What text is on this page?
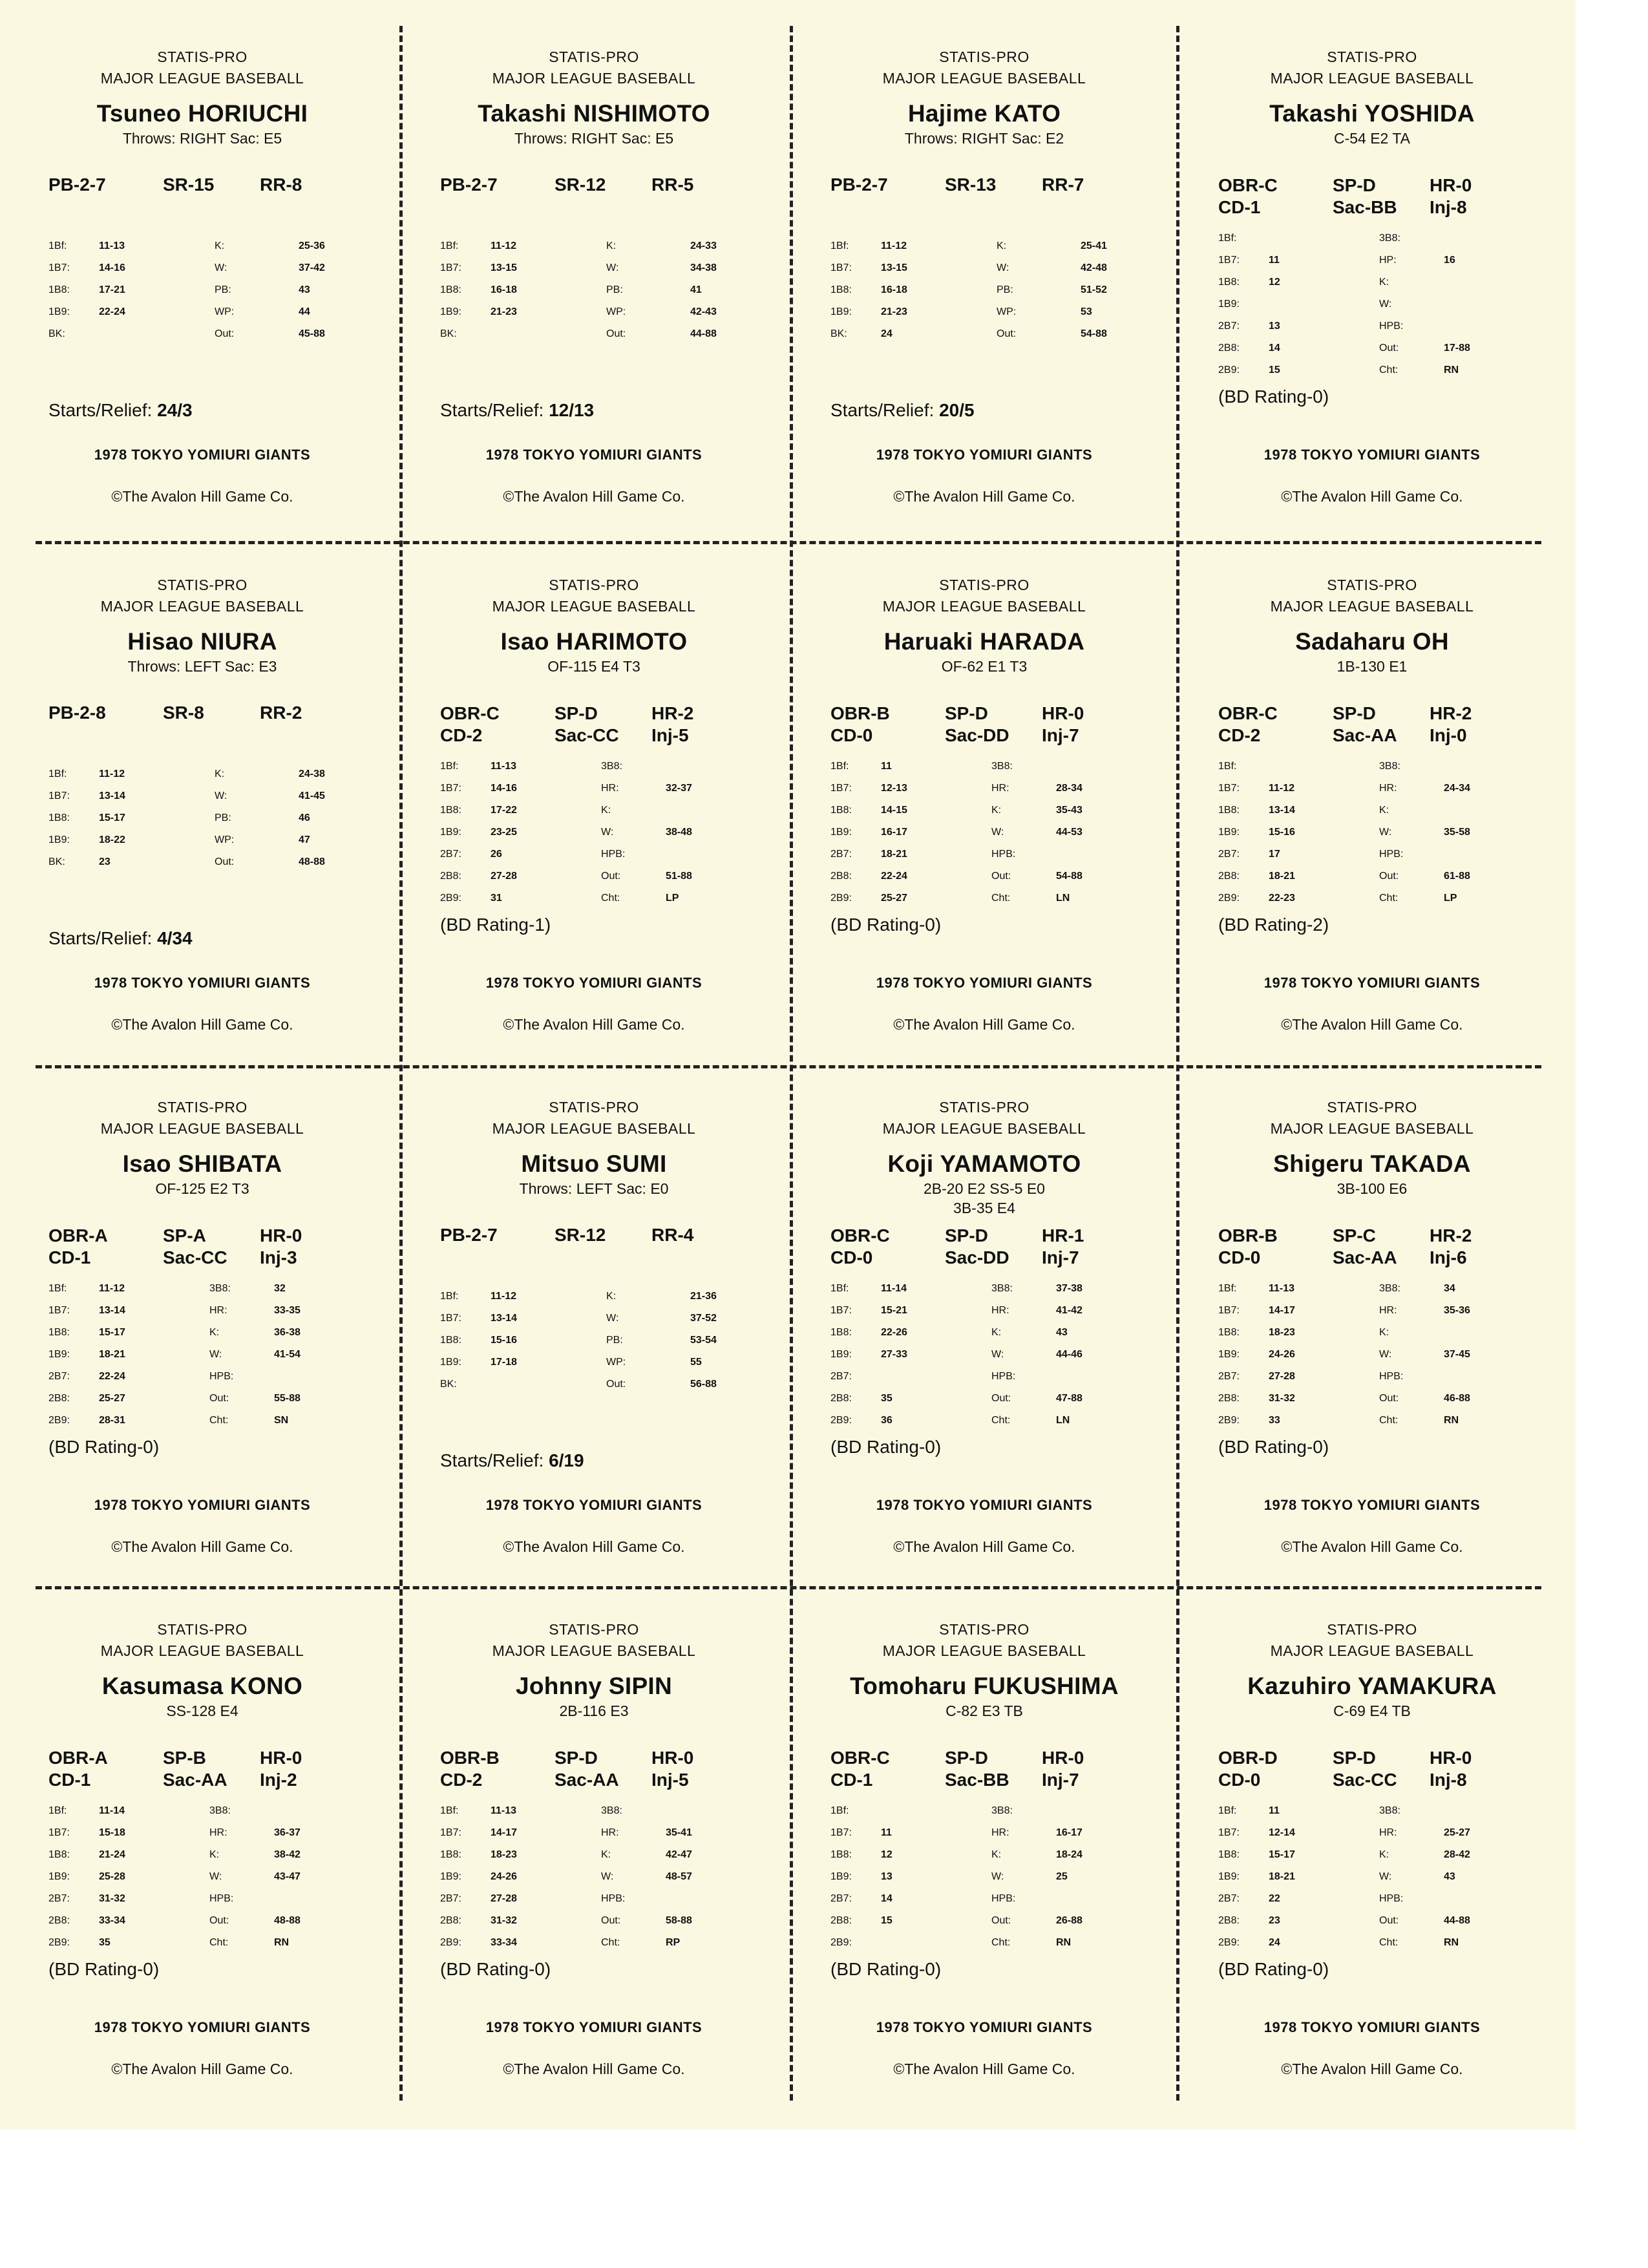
STATIS-PRO
MAJOR LEAGUE BASEBALL
Tsuneo HORIUCHI
Throws: RIGHT Sac: E5
PB-2-7	SR-15	RR-8
1Bf:	11-13
1B7:	14-16
1B8:	17-21
1B9:	22-24
BK:
K:	25-36
W:	37-42
PB:	43
WP:	44
Out:	45-88
Starts/Relief: 24/3
1978 TOKYO YOMIURI GIANTS
©The Avalon Hill Game Co.
STATIS-PRO
MAJOR LEAGUE BASEBALL
Takashi NISHIMOTO
Throws: RIGHT Sac: E5
PB-2-7	SR-12	RR-5
1Bf:	11-12
1B7:	13-15
1B8:	16-18
1B9:	21-23
BK:
K:	24-33
W:	34-38
PB:	41
WP:	42-43
Out:	44-88
Starts/Relief: 12/13
1978 TOKYO YOMIURI GIANTS
©The Avalon Hill Game Co.
STATIS-PRO
MAJOR LEAGUE BASEBALL
Hajime KATO
Throws: RIGHT Sac: E2
PB-2-7	SR-13	RR-7
1Bf:	11-12
1B7:	13-15
1B8:	16-18
1B9:	21-23
BK:	24
K:	25-41
W:	42-48
PB:	51-52
WP:	53
Out:	54-88
Starts/Relief: 20/5
1978 TOKYO YOMIURI GIANTS
©The Avalon Hill Game Co.
STATIS-PRO
MAJOR LEAGUE BASEBALL
Takashi YOSHIDA
C-54 E2 TA
OBR-C	SP-D	HR-0
CD-1	Sac-BB Inj-8
1Bf:
1B7:	11
1B8:	12
1B9:
2B7:	13
2B8:	14
2B9:	15
3B8:
HP:	16
K:
W:
HPB:
Out:	17-88
Cht:	RN
(BD Rating-0)
1978 TOKYO YOMIURI GIANTS
©The Avalon Hill Game Co.
STATIS-PRO
MAJOR LEAGUE BASEBALL
Hisao NIURA
Throws: LEFT Sac: E3
PB-2-8	SR-8	RR-2
1Bf:	11-12
1B7:	13-14
1B8:	15-17
1B9:	18-22
BK:	23
K:	24-38
W:	41-45
PB:	46
WP:	47
Out:	48-88
Starts/Relief: 4/34
1978 TOKYO YOMIURI GIANTS
©The Avalon Hill Game Co.
STATIS-PRO
MAJOR LEAGUE BASEBALL
Isao HARIMOTO
OF-115 E4 T3
OBR-C	SP-D	HR-2
CD-2	Sac-CC Inj-5
1Bf:	11-13
1B7:	14-16
1B8:	17-22
1B9:	23-25
2B7:	26
2B8:	27-28
2B9:	31
3B8:
HR:	32-37
K:
W:	38-48
HPB:
Out:	51-88
Cht:	LP
(BD Rating-1)
1978 TOKYO YOMIURI GIANTS
©The Avalon Hill Game Co.
STATIS-PRO
MAJOR LEAGUE BASEBALL
Haruaki HARADA
OF-62 E1 T3
OBR-B	SP-D	HR-0
CD-0	Sac-DD Inj-7
1Bf:	11
1B7:	12-13
1B8:	14-15
1B9:	16-17
2B7:	18-21
2B8:	22-24
2B9:	25-27
3B8:
HR:	28-34
K:	35-43
W:	44-53
HPB:
Out:	54-88
Cht:	LN
(BD Rating-0)
1978 TOKYO YOMIURI GIANTS
©The Avalon Hill Game Co.
STATIS-PRO
MAJOR LEAGUE BASEBALL
Sadaharu OH
1B-130 E1
OBR-C	SP-D	HR-2
CD-2	Sac-AA Inj-0
1Bf:
1B7:	11-12
1B8:	13-14
1B9:	15-16
2B7:	17
2B8:	18-21
2B9:	22-23
3B8:
HR:	24-34
K:
W:	35-58
HPB:
Out:	61-88
Cht:	LP
(BD Rating-2)
1978 TOKYO YOMIURI GIANTS
©The Avalon Hill Game Co.
STATIS-PRO
MAJOR LEAGUE BASEBALL
Isao SHIBATA
OF-125 E2 T3
OBR-A	SP-A	HR-0
CD-1	Sac-CC Inj-3
1Bf:	11-12
1B7:	13-14
1B8:	15-17
1B9:	18-21
2B7:	22-24
2B8:	25-27
2B9:	28-31
3B8:	32
HR:	33-35
K:	36-38
W:	41-54
HPB:
Out:	55-88
Cht:	SN
(BD Rating-0)
1978 TOKYO YOMIURI GIANTS
©The Avalon Hill Game Co.
STATIS-PRO
MAJOR LEAGUE BASEBALL
Mitsuo SUMI
Throws: LEFT Sac: E0
PB-2-7	SR-12	RR-4
1Bf:	11-12
1B7:	13-14
1B8:	15-16
1B9:	17-18
BK:
K:	21-36
W:	37-52
PB:	53-54
WP:	55
Out:	56-88
Starts/Relief: 6/19
1978 TOKYO YOMIURI GIANTS
©The Avalon Hill Game Co.
STATIS-PRO
MAJOR LEAGUE BASEBALL
Koji YAMAMOTO
2B-20 E2 SS-5 E0
3B-35 E4
OBR-C	SP-D	HR-1
CD-0	Sac-DD Inj-7
1Bf:	11-14
1B7:	15-21
1B8:	22-26
1B9:	27-33
2B7:
2B8:	35
2B9:	36
3B8:	37-38
HR:	41-42
K:	43
W:	44-46
HPB:
Out:	47-88
Cht:	LN
(BD Rating-0)
1978 TOKYO YOMIURI GIANTS
©The Avalon Hill Game Co.
STATIS-PRO
MAJOR LEAGUE BASEBALL
Shigeru TAKADA
3B-100 E6
OBR-B	SP-C	HR-2
CD-0	Sac-AA Inj-6
1Bf:	11-13
1B7:	14-17
1B8:	18-23
1B9:	24-26
2B7:	27-28
2B8:	31-32
2B9:	33
3B8:	34
HR:	35-36
K:
W:	37-45
HPB:
Out:	46-88
Cht:	RN
(BD Rating-0)
1978 TOKYO YOMIURI GIANTS
©The Avalon Hill Game Co.
STATIS-PRO
MAJOR LEAGUE BASEBALL
Kasumasa KONO
SS-128 E4
OBR-A	SP-B	HR-0
CD-1	Sac-AA Inj-2
1Bf:	11-14
1B7:	15-18
1B8:	21-24
1B9:	25-28
2B7:	31-32
2B8:	33-34
2B9:	35
3B8:
HR:	36-37
K:	38-42
W:	43-47
HPB:
Out:	48-88
Cht:	RN
(BD Rating-0)
1978 TOKYO YOMIURI GIANTS
©The Avalon Hill Game Co.
STATIS-PRO
MAJOR LEAGUE BASEBALL
Johnny SIPIN
2B-116 E3
OBR-B	SP-D	HR-0
CD-2	Sac-AA Inj-5
1Bf:	11-13
1B7:	14-17
1B8:	18-23
1B9:	24-26
2B7:	27-28
2B8:	31-32
2B9:	33-34
3B8:
HR:	35-41
K:	42-47
W:	48-57
HPB:
Out:	58-88
Cht:	RP
(BD Rating-0)
1978 TOKYO YOMIURI GIANTS
©The Avalon Hill Game Co.
STATIS-PRO
MAJOR LEAGUE BASEBALL
Tomoharu FUKUSHIMA
C-82 E3 TB
OBR-C	SP-D	HR-0
CD-1	Sac-BB Inj-7
1Bf:
1B7:	11
1B8:	12
1B9:	13
2B7:	14
2B8:	15
2B9:
3B8:
HR:	16-17
K:	18-24
W:	25
HPB:
Out:	26-88
Cht:	RN
(BD Rating-0)
1978 TOKYO YOMIURI GIANTS
©The Avalon Hill Game Co.
STATIS-PRO
MAJOR LEAGUE BASEBALL
Kazuhiro YAMAKURA
C-69 E4 TB
OBR-D	SP-D	HR-0
CD-0	Sac-CC Inj-8
1Bf:	11
1B7:	12-14
1B8:	15-17
1B9:	18-21
2B7:	22
2B8:	23
2B9:	24
3B8:
HR:	25-27
K:	28-42
W:	43
HPB:
Out:	44-88
Cht:	RN
(BD Rating-0)
1978 TOKYO YOMIURI GIANTS
©The Avalon Hill Game Co.
